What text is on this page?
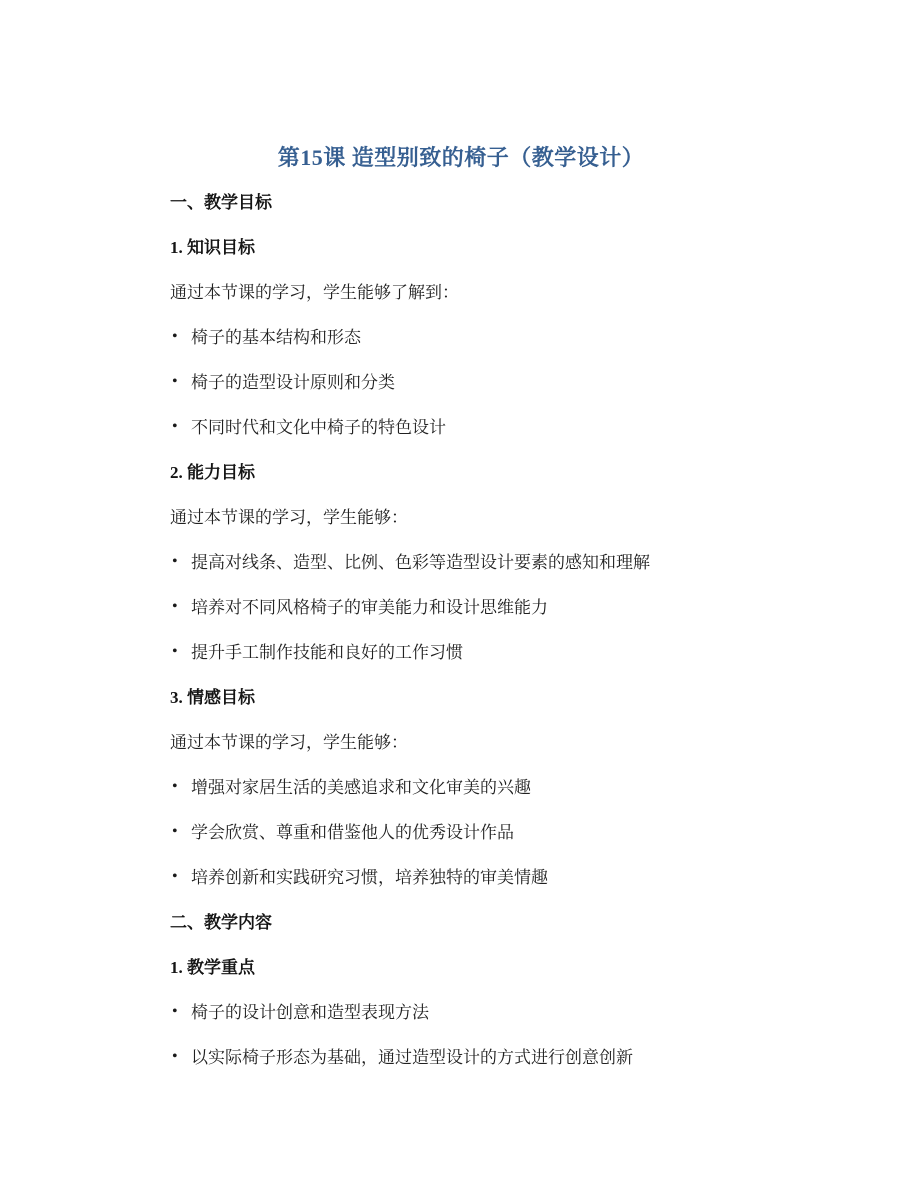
第15课 造型别致的椅子（教学设计）
一、教学目标
1. 知识目标

通过本节课的学习，学生能够了解到：

• 椅子的基本结构和形态
• 椅子的造型设计原则和分类
• 不同时代和文化中椅子的特色设计
2. 能力目标

通过本节课的学习，学生能够：

• 提高对线条、造型、比例、色彩等造型设计要素的感知和理解
• 培养对不同风格椅子的审美能力和设计思维能力
• 提升手工制作技能和良好的工作习惯
3. 情感目标

通过本节课的学习，学生能够：

• 增强对家居生活的美感追求和文化审美的兴趣
• 学会欣赏、尊重和借鉴他人的优秀设计作品
• 培养创新和实践研究习惯，培养独特的审美情趣
二、教学内容
1. 教学重点
• 椅子的设计创意和造型表现方法
• 以实际椅子形态为基础，通过造型设计的方式进行创意创新
